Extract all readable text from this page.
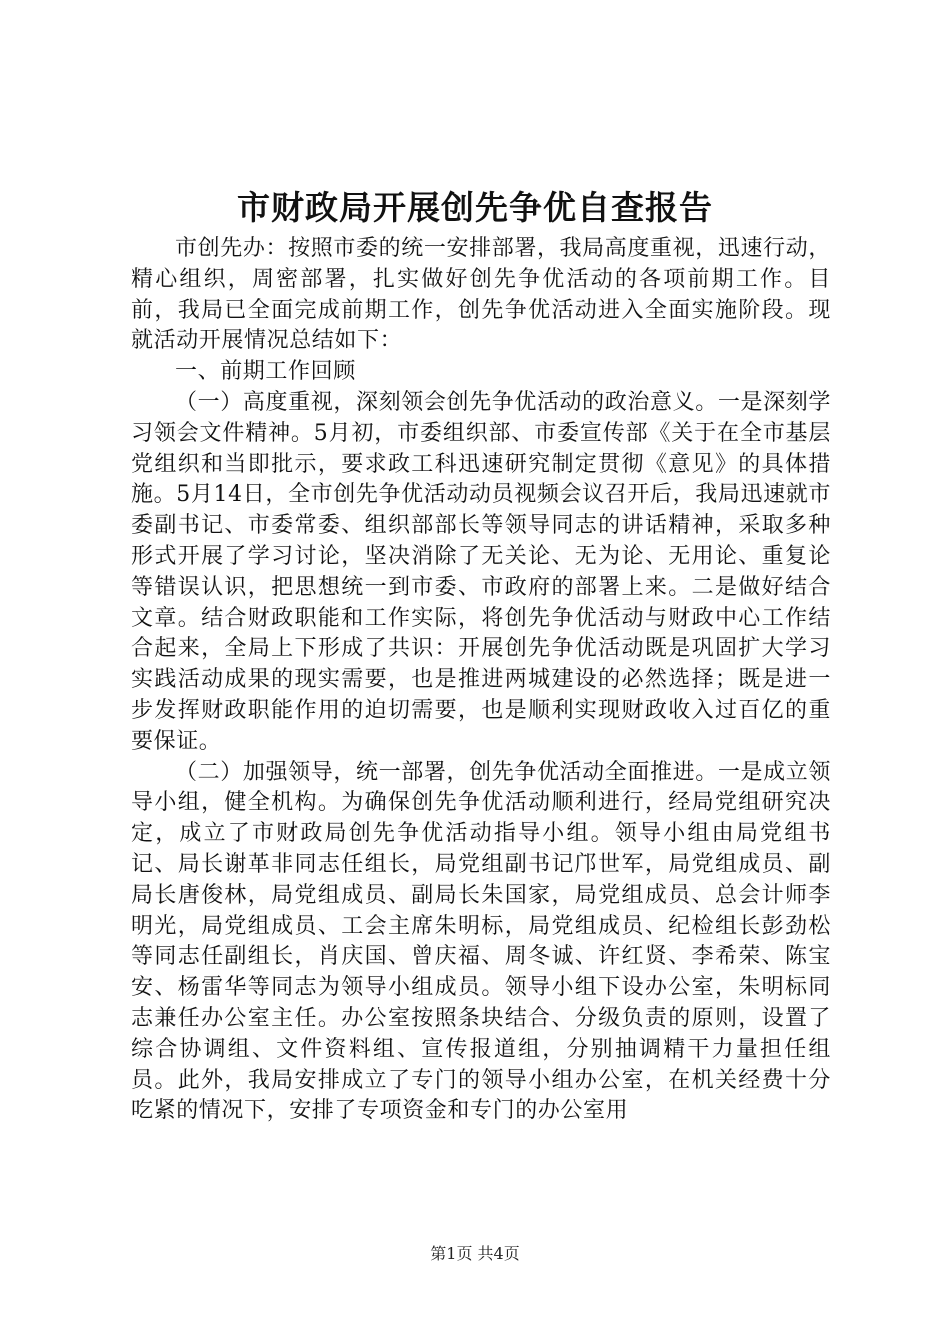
市财政局开展创先争优自查报告

市创先办：按照市委的统一安排部署，我局高度重视，迅速行动，精心组织，周密部署，扎实做好创先争优活动的各项前期工作。目前，我局已全面完成前期工作，创先争优活动进入全面实施阶段。现就活动开展情况总结如下：

一、前期工作回顾

（一）高度重视，深刻领会创先争优活动的政治意义。一是深刻学习领会文件精神。5月初，市委组织部、市委宣传部《关于在全市基层党组织和当即批示，要求政工科迅速研究制定贯彻《意见》的具体措施。5月14日，全市创先争优活动动员视频会议召开后，我局迅速就市委副书记、市委常委、组织部部长等领导同志的讲话精神，采取多种形式开展了学习讨论，坚决消除了无关论、无为论、无用论、重复论等错误认识，把思想统一到市委、市政府的部署上来。二是做好结合文章。结合财政职能和工作实际，将创先争优活动与财政中心工作结合起来，全局上下形成了共识：开展创先争优活动既是巩固扩大学习实践活动成果的现实需要，也是推进两城建设的必然选择；既是进一步发挥财政职能作用的迫切需要，也是顺利实现财政收入过百亿的重要保证。

（二）加强领导，统一部署，创先争优活动全面推进。一是成立领导小组，健全机构。为确保创先争优活动顺利进行，经局党组研究决定，成立了市财政局创先争优活动指导小组。领导小组由局党组书记、局长谢革非同志任组长，局党组副书记邝世军，局党组成员、副局长唐俊林，局党组成员、副局长朱国家，局党组成员、总会计师李明光，局党组成员、工会主席朱明标，局党组成员、纪检组长彭劲松等同志任副组长，肖庆国、曾庆福、周冬诚、许红贤、李希荣、陈宝安、杨雷华等同志为领导小组成员。领导小组下设办公室，朱明标同志兼任办公室主任。办公室按照条块结合、分级负责的原则，设置了综合协调组、文件资料组、宣传报道组，分别抽调精干力量担任组员。此外，我局安排成立了专门的领导小组办公室，在机关经费十分吃紧的情况下，安排了专项资金和专门的办公室用

第1页 共4页
